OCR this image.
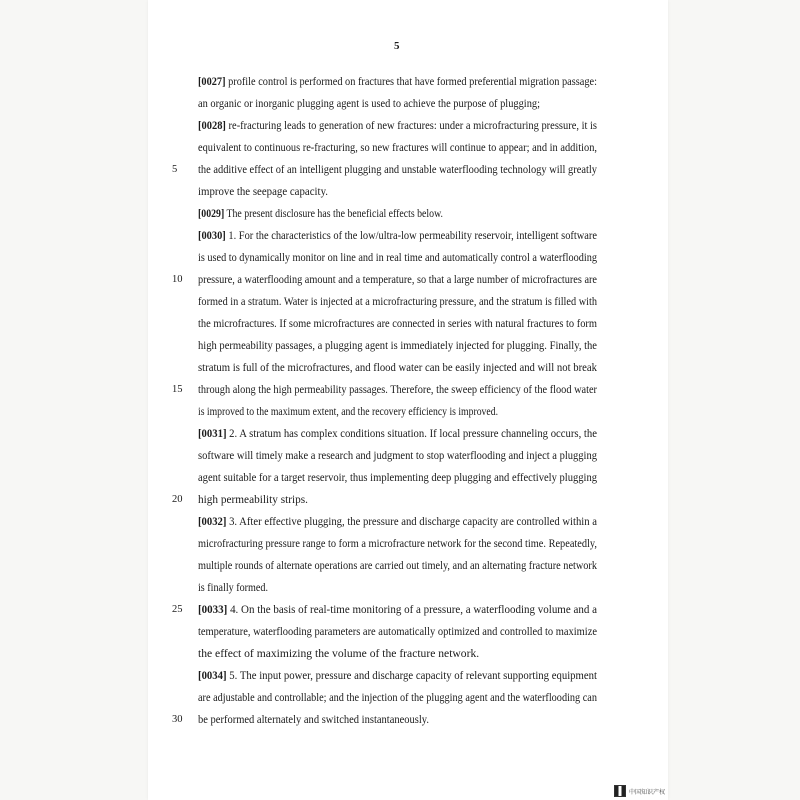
5
[0027] profile control is performed on fractures that have formed preferential migration passage:
an organic or inorganic plugging agent is used to achieve the purpose of plugging;
[0028] re-fracturing leads to generation of new fractures: under a microfracturing pressure, it is
equivalent to continuous re-fracturing, so new fractures will continue to appear; and in addition,
the additive effect of an intelligent plugging and unstable waterflooding technology will greatly
improve the seepage capacity.
[0029] The present disclosure has the beneficial effects below.
[0030] 1. For the characteristics of the low/ultra-low permeability reservoir, intelligent software
is used to dynamically monitor on line and in real time and automatically control a waterflooding
pressure, a waterflooding amount and a temperature, so that a large number of microfractures are
formed in a stratum. Water is injected at a microfracturing pressure, and the stratum is filled with
the microfractures. If some microfractures are connected in series with natural fractures to form
high permeability passages, a plugging agent is immediately injected for plugging. Finally, the
stratum is full of the microfractures, and flood water can be easily injected and will not break
through along the high permeability passages. Therefore, the sweep efficiency of the flood water
is improved to the maximum extent, and the recovery efficiency is improved.
[0031] 2. A stratum has complex conditions situation. If local pressure channeling occurs, the
software will timely make a research and judgment to stop waterflooding and inject a plugging
agent suitable for a target reservoir, thus implementing deep plugging and effectively plugging
high permeability strips.
[0032] 3. After effective plugging, the pressure and discharge capacity are controlled within a
microfracturing pressure range to form a microfracture network for the second time. Repeatedly,
multiple rounds of alternate operations are carried out timely, and an alternating fracture network
is finally formed.
[0033] 4. On the basis of real-time monitoring of a pressure, a waterflooding volume and a
temperature, waterflooding parameters are automatically optimized and controlled to maximize
the effect of maximizing the volume of the fracture network.
[0034] 5. The input power, pressure and discharge capacity of relevant supporting equipment
are adjustable and controllable; and the injection of the plugging agent and the waterflooding can
be performed alternately and switched instantaneously.
5
10
15
20
25
30
中国知识产权
